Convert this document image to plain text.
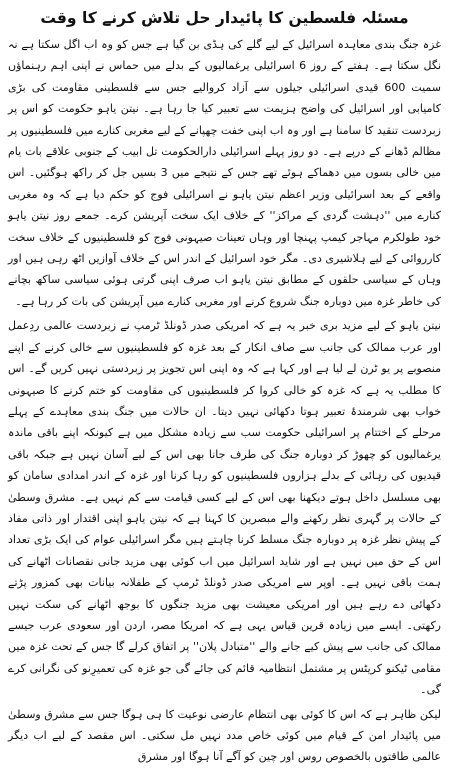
مسئلہ فلسطین کا پائیدار حل تلاش کرنے کا وقت

غزہ جنگ بندی معاہدہ اسرائیل کے لیے گلے کی ہڈی بن گیا ہے جس کو وہ اب اگل سکتا ہے نہ نگل سکتا ہے۔ ہفتے کے روز 6 اسرائیلی یرغمالیوں کے بدلے میں حماس نے اپنی اہم رہنماؤں سمیت 600 قیدی اسرائیلی جیلوں سے آزاد کروالیے جس سے فلسطینی مقاومت کی بڑی کامیابی اور اسرائیل کی واضح ہزیمت سے تعبیر کیا جا رہا ہے۔ نیتن یاہو حکومت کو اس پر زبردست تنقید کا سامنا ہے اور وہ اب اپنی خفت چھپانے کے لیے مغربی کنارے میں فلسطینیوں پر مظالم ڈھانے کے درپے ہے۔ دو روز پہلے اسرائیلی دارالحکومت تل ابیب کے جنوبی علاقے بات یام میں خالی بسوں میں دھماکے ہوئے تھے جس کے نتیجے میں 3 بسیں جل کر راکھ ہوگئیں۔ اس واقعے کے بعد اسرائیلی وزیر اعظم نیتن یاہو نے اسرائیلی فوج کو حکم دیا ہے کہ وہ مغربی کنارے میں ''دہشت گردی کے مراکز'' کے خلاف ایک سخت آپریشن کرے۔ جمعے روز نیتن یاہو خود طولکرم مہاجر کیمپ پہنچا اور وہاں تعینات صیہونی فوج کو فلسطینیوں کے خلاف سخت کارروائی کے لیے ہلاشیری دی۔ مگر خود اسرائیل کے اندر اس کے خلاف آوازیں اٹھ رہی ہیں اور وہاں کے سیاسی حلقوں کے مطابق نیتن یاہو اب صرف اپنی گرتی ہوئی سیاسی ساکھ بچانے کی خاطر غزہ میں دوبارہ جنگ شروع کرنے اور مغربی کنارے میں آپریشن کی بات کر رہا ہے۔

نیتن یاہو کے لیے مزید بری خبر یہ ہے کہ امریکی صدر ڈونلڈ ٹرمپ نے زبردست عالمی ردِعمل اور عرب ممالک کی جانب سے صاف انکار کے بعد غزہ کو فلسطینیوں سے خالی کرنے کے اپنے منصوبے پر یو ٹرن لے لیا ہے اور کہا ہے کہ وہ اپنی اس تجویز پر زبردستی نہیں کریں گے۔ اس کا مطلب یہ ہے کہ غزہ کو خالی کروا کر فلسطینیوں کی مقاومت کو ختم کرنے کا صیہونی خواب بھی شرمندۂ تعبیر ہوتا دکھائی نہیں دیتا۔ ان حالات میں جنگ بندی معاہدے کے پہلے مرحلے کے اختتام پر اسرائیلی حکومت سب سے زیادہ مشکل میں ہے کیونکہ اپنے باقی ماندہ یرغمالیوں کو چھوڑ کر دوبارہ جنگ کی طرف جانا بھی اس کے لیے آسان نہیں ہے جبکہ باقی قیدیوں کی رہائی کے بدلے ہزاروں فلسطینیوں کو رہا کرنا اور غزہ کے اندر امدادی سامان کو بھی مسلسل داخل ہوتے دیکھنا بھی اس کے لیے کسی قیامت سے کم نہیں ہے۔ مشرق وسطیٰ کے حالات پر گہری نظر رکھنے والے مبصرین کا کہنا ہے کہ نیتن یاہو اپنی اقتدار اور ذاتی مفاد کے پیش نظر غزہ پر دوبارہ جنگ مسلط کرنا چاہتے ہیں مگر اسرائیلی عوام کی ایک بڑی تعداد اس کے حق میں نہیں ہے اور شاید اسرائیل میں اب کوئی بھی مزید جانی نقصانات اٹھانے کی ہمت باقی نہیں ہے۔ اوپر سے امریکی صدر ڈونلڈ ٹرمپ کے طفلانہ بیانات بھی کمزور پڑتے دکھائی دے رہے ہیں اور امریکی معیشت بھی مزید جنگوں کا بوجھ اٹھانے کی سکت نہیں رکھتی۔ ایسے میں زیادہ قرین قیاس یہی ہے کہ امریکا مصر، اردن اور سعودی عرب جیسے ممالک کی جانب سے پیش کیے جانے والے ''متبادل پلان'' پر اتفاق کرلے گا جس کے تحت غزہ میں مقامی ٹیکنو کریٹس پر مشتمل انتظامیہ قائم کی جائے گی جو غزہ کی تعمیرِنو کی نگرانی کرے گی۔

لیکن ظاہر ہے کہ اس کا کوئی بھی انتظام عارضی نوعیت کا ہی ہوگا جس سے مشرق وسطیٰ میں پائیدار امن کے قیام میں کوئی خاص مدد نہیں مل سکتی۔ اس مقصد کے لیے اب دیگر عالمی طاقتوں بالخصوص روس اور چین کو آگے آنا ہوگا اور مشرق
